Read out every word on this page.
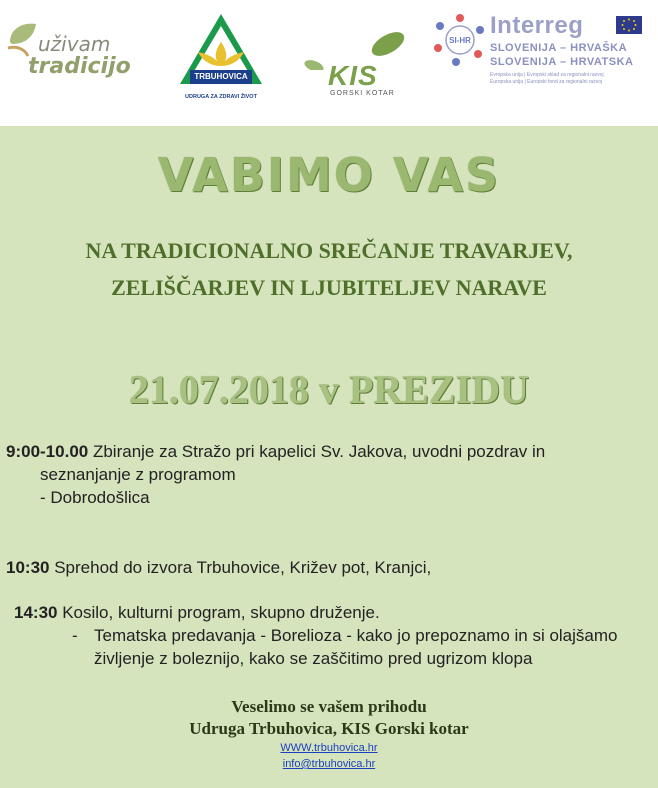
uživam
tradicijo	TRBUHOVICA
UDRUGA ZA ZDRAVI ŽIVOT
KIS
GORSKI KOTAR
SI-HR
Interreg
SLOVENIJA – HRVAŠKA
SLOVENIJA – HRVATSKA
Evropska unija | Evropski sklad za regionalni razvoj
Europska unija | Europski fond za regionalni razvoj
VABIMO VAS
NA TRADICIONALNO SREČANJE TRAVARJEV,
ZELIŠČARJEV IN LJUBITELJEV NARAVE
21.07.2018 v PREZIDU
9:00-10.00 Zbiranje za Stražo pri kapelici Sv. Jakova, uvodni pozdrav in
seznanjanje z programom
- Dobrodošlica
10:30 Sprehod do izvora Trbuhovice, Križev pot, Kranjci,
14:30 Kosilo, kulturni program, skupno druženje.
- Tematska predavanja - Borelioza - kako jo prepoznamo in si olajšamo življenje z boleznijo, kako se zaščitimo pred ugrizom klopa

Veselimo se vašem prihodu

Udruga Trbuhovica, KIS Gorski kotar

WWW.trbuhovica.hr

info@trbuhovica.hr
